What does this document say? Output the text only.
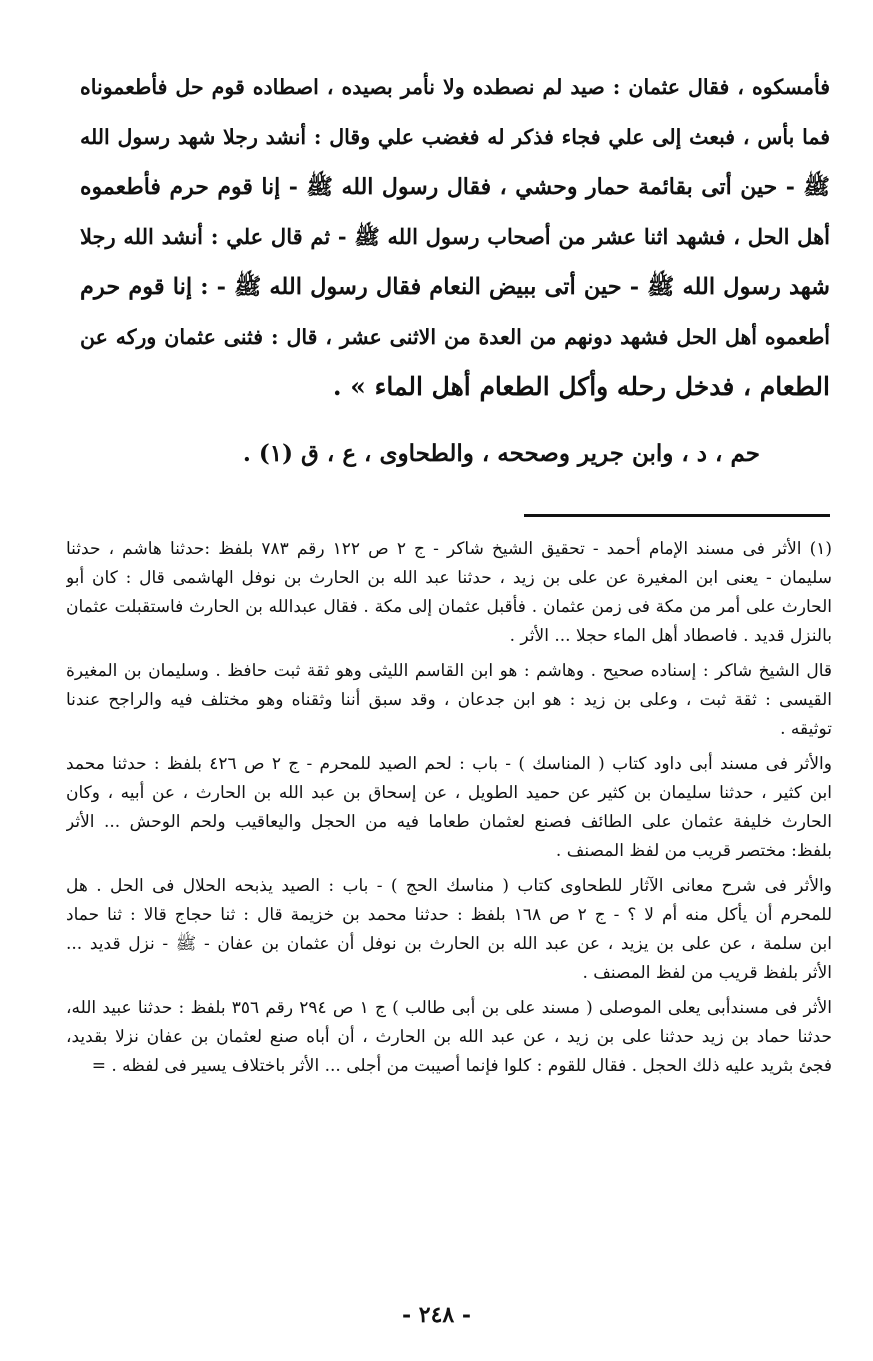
فأمسكوه ، فقال عثمان : صيد لم نصطده ولا نأمر بصيده ، اصطاده قوم حل فأطعموناه
فما بأس ، فبعث إلى علي فجاء فذكر له فغضب علي وقال : أنشد رجلا شهد رسول الله
ﷺ - حين أتى بقائمة حمار وحشي ، فقال رسول الله ﷺ - إنا قوم حرم فأطعموه
أهل الحل ، فشهد اثنا عشر من أصحاب رسول الله ﷺ - ثم قال علي : أنشد الله رجلا
شهد رسول الله ﷺ - حين أتى ببيض النعام فقال رسول الله ﷺ - : إنا قوم حرم
أطعموه أهل الحل فشهد دونهم من العدة من الاثنى عشر ، قال : فثنى عثمان وركه عن
الطعام ، فدخل رحله وأكل الطعام أهل الماء » .
حم ، د ، وابن جرير وصححه ، والطحاوى ، ع ، ق (١) .
(١) الأثر فى مسند الإمام أحمد - تحقيق الشيخ شاكر - ج ٢ ص ١٢٢ رقم ٧٨٣ بلفظ :حدثنا هاشم ، حدثنا
سليمان - يعنى ابن المغيرة عن على بن زيد ، حدثنا عبد الله بن الحارث بن نوفل الهاشمى قال : كان أبو
الحارث على أمر من مكة فى زمن عثمان . فأقبل عثمان إلى مكة . فقال عبدالله بن الحارث فاستقبلت عثمان
بالنزل قديد . فاصطاد أهل الماء حجلا ... الأثر .
قال الشيخ شاكر : إسناده صحيح . وهاشم : هو ابن القاسم الليثى وهو ثقة ثبت حافظ . وسليمان بن المغيرة
القيسى : ثقة ثبت ، وعلى بن زيد : هو ابن جدعان ، وقد سبق أننا وثقناه وهو مختلف فيه والراجح عندنا
توثيقه .
والأثر فى مسند أبى داود كتاب ( المناسك ) - باب : لحم الصيد للمحرم - ج ٢ ص ٤٢٦ بلفظ : حدثنا محمد
ابن كثير ، حدثنا سليمان بن كثير عن حميد الطويل ، عن إسحاق بن عبد الله بن الحارث ، عن أبيه ، وكان
الحارث خليفة عثمان على الطائف فصنع لعثمان طعاما فيه من الحجل واليعاقيب ولحم الوحش ... الأثر
بلفظ: مختصر قريب من لفظ المصنف .
والأثر فى شرح معانى الآثار للطحاوى كتاب ( مناسك الحج ) - باب : الصيد يذبحه الحلال فى الحل . هل
للمحرم أن يأكل منه أم لا ؟ - ج ٢ ص ١٦٨ بلفظ : حدثنا محمد بن خزيمة قال : ثنا حجاج قالا : ثنا حماد
ابن سلمة ، عن على بن يزيد ، عن عبد الله بن الحارث بن نوفل أن عثمان بن عفان - ﷺ - نزل قديد ...
الأثر بلفظ قريب من لفظ المصنف .
الأثر فى مسندأبى يعلى الموصلى ( مسند على بن أبى طالب ) ج ١ ص ٢٩٤ رقم ٣٥٦ بلفظ : حدثنا عبيد الله،
حدثنا حماد بن زيد حدثنا على بن زيد ، عن عبد الله بن الحارث ، أن أباه صنع لعثمان بن عفان نزلا بقديد،
فجئ بثريد عليه ذلك الحجل . فقال للقوم : كلوا فإنما أصيبت من أجلى ... الأثر باختلاف يسير فى لفظه . =
- ٢٤٨ -
